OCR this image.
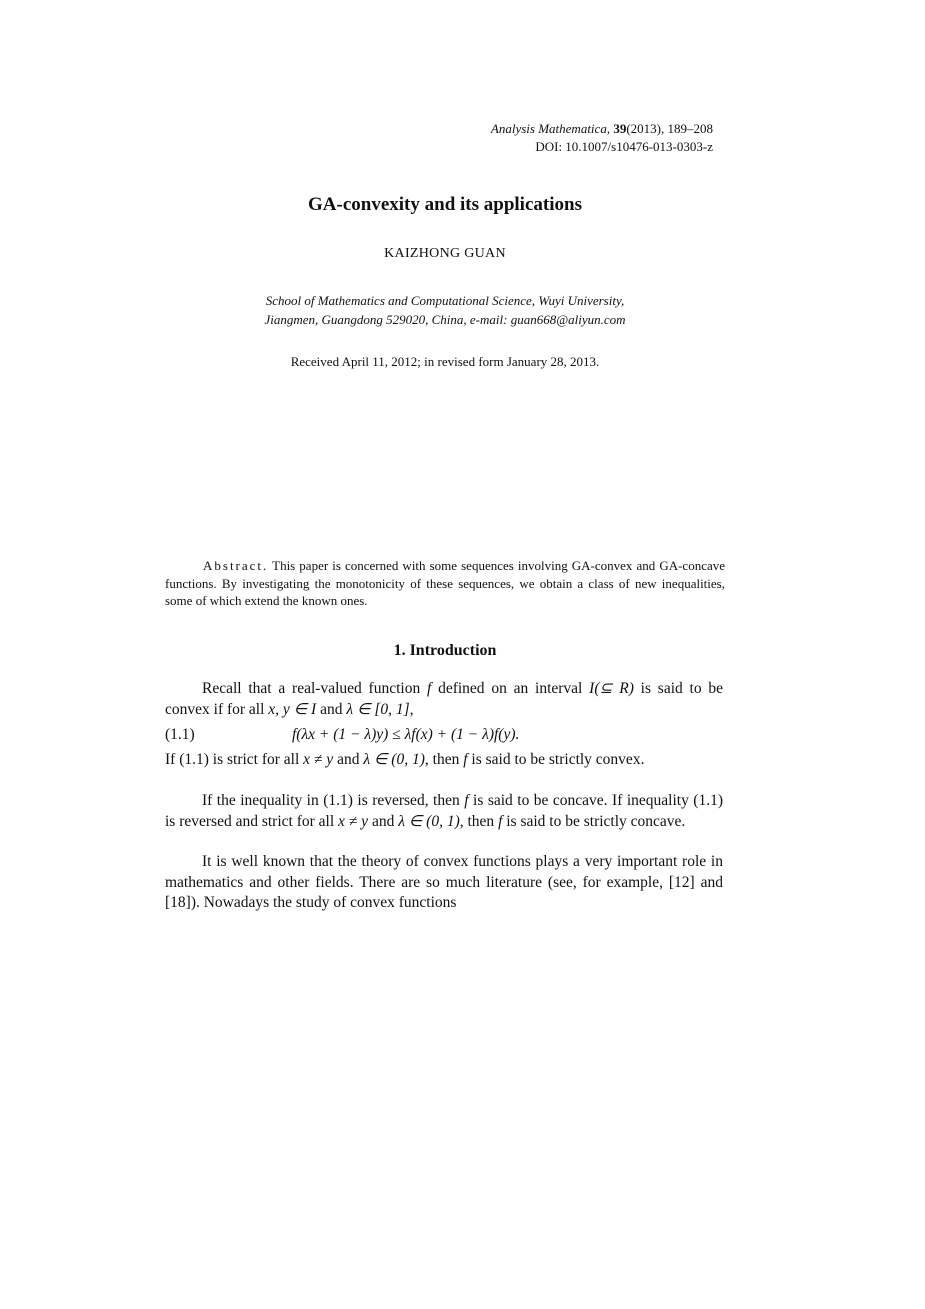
Analysis Mathematica, 39(2013), 189–208
DOI: 10.1007/s10476-013-0303-z
GA-convexity and its applications
KAIZHONG GUAN
School of Mathematics and Computational Science, Wuyi University,
Jiangmen, Guangdong 529020, China, e-mail: guan668@aliyun.com
Received April 11, 2012; in revised form January 28, 2013.
Abstract. This paper is concerned with some sequences involving GA-convex and GA-concave functions. By investigating the monotonicity of these sequences, we obtain a class of new inequalities, some of which extend the known ones.
1. Introduction

Recall that a real-valued function f defined on an interval I(⊆ R) is said to be convex if for all x, y ∈ I and λ ∈ [0, 1],

(1.1)	f(λx + (1 − λ)y) ≤ λf(x) + (1 − λ)f(y).

If (1.1) is strict for all x ≠ y and λ ∈ (0, 1), then f is said to be strictly convex.

If the inequality in (1.1) is reversed, then f is said to be concave. If inequality (1.1) is reversed and strict for all x ≠ y and λ ∈ (0, 1), then f is said to be strictly concave.

It is well known that the theory of convex functions plays a very important role in mathematics and other fields. There are so much literature (see, for example, [12] and [18]). Nowadays the study of convex functions
